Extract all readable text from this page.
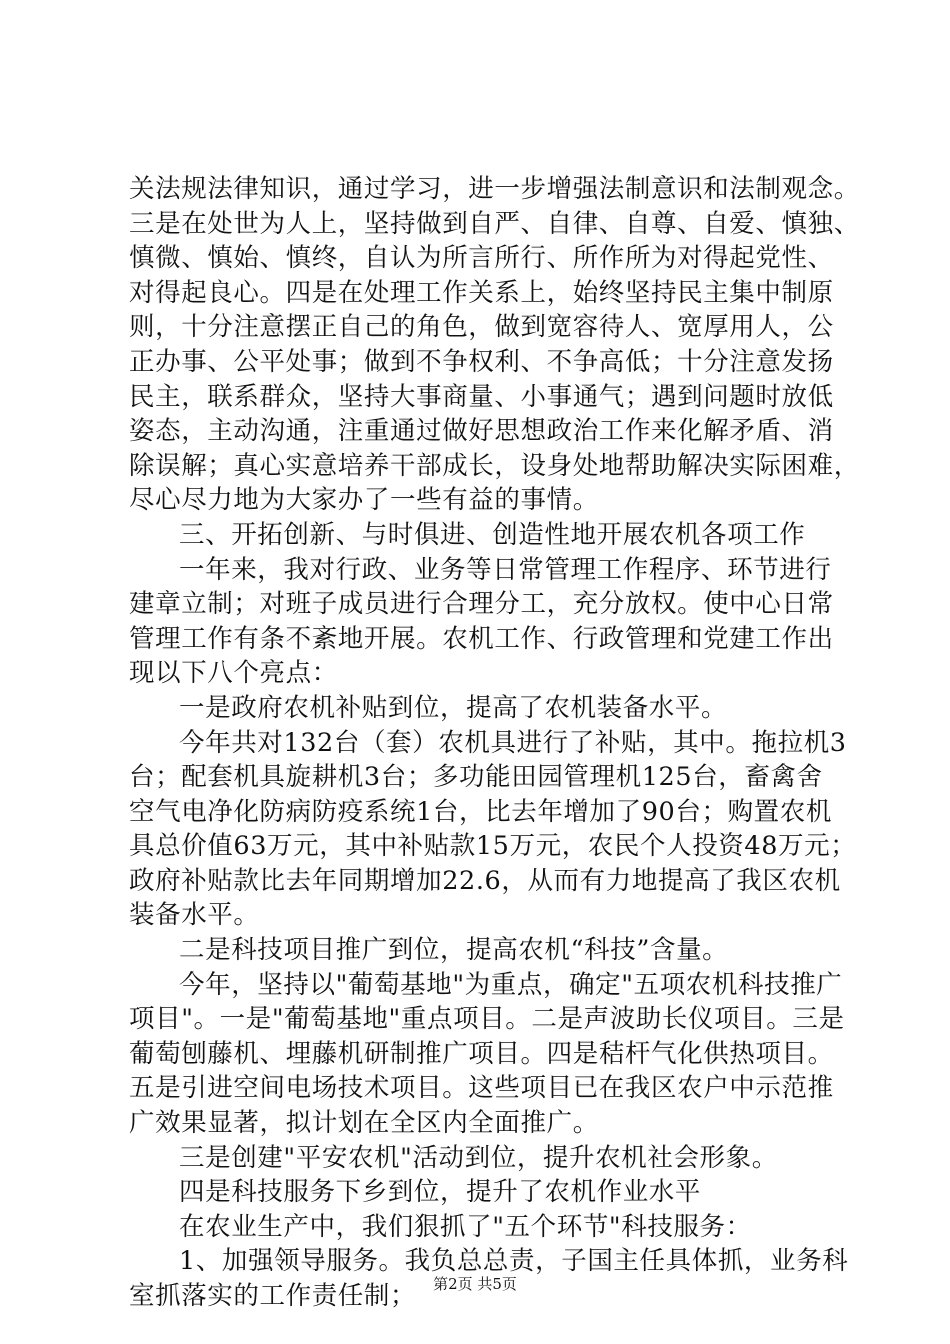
关法规法律知识，通过学习，进一步增强法制意识和法制观念。
三是在处世为人上，坚持做到自严、自律、自尊、自爱、慎独、
慎微、慎始、慎终，自认为所言所行、所作所为对得起党性、
对得起良心。四是在处理工作关系上，始终坚持民主集中制原
则，十分注意摆正自己的角色，做到宽容待人、宽厚用人，公
正办事、公平处事；做到不争权利、不争高低；十分注意发扬
民主，联系群众，坚持大事商量、小事通气；遇到问题时放低
姿态，主动沟通，注重通过做好思想政治工作来化解矛盾、消
除误解；真心实意培养干部成长，设身处地帮助解决实际困难，
尽心尽力地为大家办了一些有益的事情。
三、开拓创新、与时俱进、创造性地开展农机各项工作
一年来，我对行政、业务等日常管理工作程序、环节进行
建章立制；对班子成员进行合理分工，充分放权。使中心日常
管理工作有条不紊地开展。农机工作、行政管理和党建工作出
现以下八个亮点：
一是政府农机补贴到位，提高了农机装备水平。
今年共对132台（套）农机具进行了补贴，其中。拖拉机3
台；配套机具旋耕机3台；多功能田园管理机125台，畜禽舍
空气电净化防病防疫系统1台，比去年增加了90台；购置农机
具总价值63万元，其中补贴款15万元，农民个人投资48万元；
政府补贴款比去年同期增加22.6，从而有力地提高了我区农机
装备水平。
二是科技项目推广到位，提高农机“科技”含量。
今年，坚持以"葡萄基地"为重点，确定"五项农机科技推广
项目"。一是"葡萄基地"重点项目。二是声波助长仪项目。三是
葡萄刨藤机、埋藤机研制推广项目。四是秸杆气化供热项目。
五是引进空间电场技术项目。这些项目已在我区农户中示范推
广效果显著，拟计划在全区内全面推广。
三是创建"平安农机"活动到位，提升农机社会形象。
四是科技服务下乡到位，提升了农机作业水平
在农业生产中，我们狠抓了"五个环节"科技服务：
1、加强领导服务。我负总总责，子国主任具体抓，业务科
室抓落实的工作责任制；	第2页 共5页
